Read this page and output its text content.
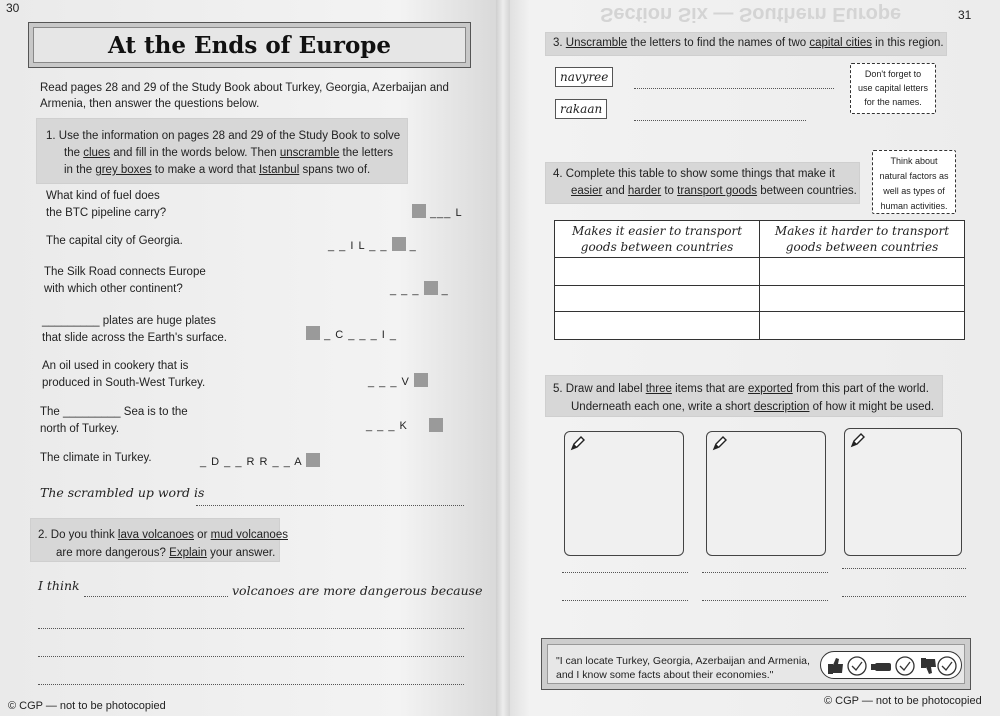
30
At the Ends of Europe
Read pages 28 and 29 of the Study Book about Turkey, Georgia, Azerbaijan and Armenia, then answer the questions below.
1. Use the information on pages 28 and 29 of the Study Book to solve
the clues and fill in the words below. Then unscramble the letters
in the grey boxes to make a word that Istanbul spans two of.
What kind of fuel does
the BTC pipeline carry?	___ L
The capital city of Georgia.	_ _ I L _ _  _
The Silk Road connects Europe
with which other continent?	_ _ _  _
_________ plates are huge plates
that slide across the Earth's surface.	_ C _ _ _ I _
An oil used in cookery that is
produced in South-West Turkey.	_ _ _ V
The _________ Sea is to the
north of Turkey.	_ _ _ K
The climate in Turkey.	_ D _ _ R R _ _ A
The scrambled up word is
2. Do you think lava volcanoes or mud volcanoes
are more dangerous? Explain your answer.
I think	volcanoes are more dangerous because
© CGP — not to be photocopied
Section Six — Southern Europe	31
3. Unscramble the letters to find the names of two capital cities in this region.
navyree
rakaan
Don't forget to
use capital letters
for the names.
4. Complete this table to show some things that make it
easier and harder to transport goods between countries.
Think about
natural factors as
well as types of
human activities.
Makes it easier to transport goods between countries	Makes it harder to transport goods between countries

5. Draw and label three items that are exported from this part of the world.
Underneath each one, write a short description of how it might be used.
"I can locate Turkey, Georgia, Azerbaijan and Armenia, and I know some facts about their economies."
© CGP — not to be photocopied
